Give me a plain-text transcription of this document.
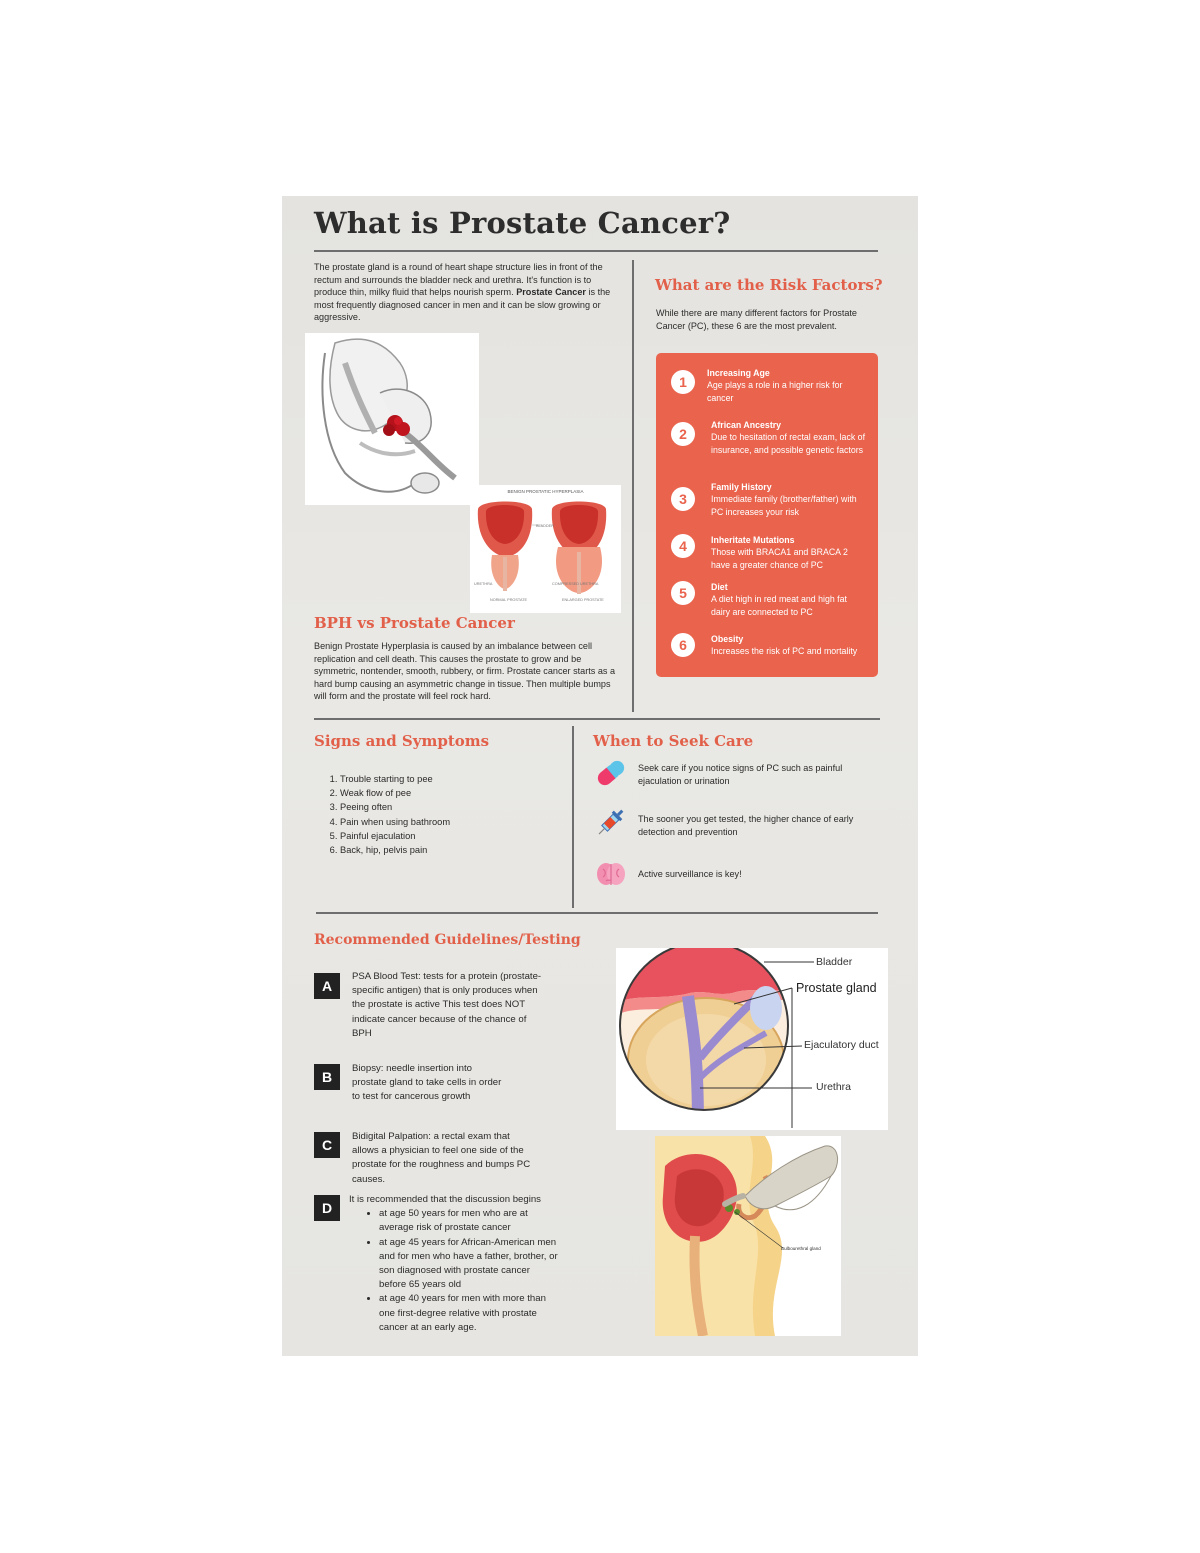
What is Prostate Cancer?
The prostate gland is a round of heart shape structure lies in front of the rectum and surrounds the bladder neck and urethra. It's function is to produce thin, milky fluid that helps nourish sperm. Prostate Cancer is the most frequently diagnosed cancer in men and it can be slow growing or aggressive.
BENIGN PROSTATIC HYPERPLASIA
BLADDER
URETHRA	COMPRESSED URETHRA
NORMAL PROSTATE	ENLARGED PROSTATE
BPH vs Prostate Cancer
Benign Prostate Hyperplasia is caused by an imbalance between cell replication and cell death. This causes the prostate to grow and be symmetric, nontender, smooth, rubbery, or firm. Prostate cancer starts as a hard bump causing an asymmetric change in tissue. Then multiple bumps will form and the prostate will feel rock hard.
What are the Risk Factors?
While there are many different factors for Prostate Cancer (PC), these 6 are the most prevalent.
1
Increasing Age
Age plays a role in a higher risk for cancer
2
African Ancestry
Due to hesitation of rectal exam, lack of insurance, and possible genetic factors
3
Family History
Immediate family (brother/father) with PC increases your risk
4	Inheritate Mutations
Those with BRACA1 and BRACA 2 have a greater chance of PC
5	Diet
A diet high in red meat and high fat dairy are connected to PC
6	Obesity
Increases the risk of PC and mortality
Signs and Symptoms
1. Trouble starting to pee
2. Weak flow of pee
3. Peeing often
4. Pain when using bathroom
5. Painful ejaculation
6. Back, hip, pelvis pain
When to Seek Care
Seek care if you notice signs of PC such as painful ejaculation or urination
The sooner you get tested, the higher chance of early detection and prevention
Active surveillance is key!
Recommended Guidelines/Testing
A
PSA Blood Test: tests for a protein (prostate-specific antigen) that is only produces when the prostate is active This test does NOT indicate cancer because of the chance of BPH
B
Biopsy: needle insertion into prostate gland to take cells in order to test for cancerous growth
C
Bidigital Palpation: a rectal exam that allows a physician to feel one side of the prostate for the roughness and bumps PC causes.
D
It is recommended that the discussion begins
• at age 50 years for men who are at average risk of prostate cancer
• at age 45 years for African-American men and for men who have a father, brother, or son diagnosed with prostate cancer before 65 years old
• at age 40 years for men with more than one first-degree relative with prostate cancer at an early age.
Bladder
Prostate gland
Ejaculatory duct
Urethra
Bulbourethral gland
